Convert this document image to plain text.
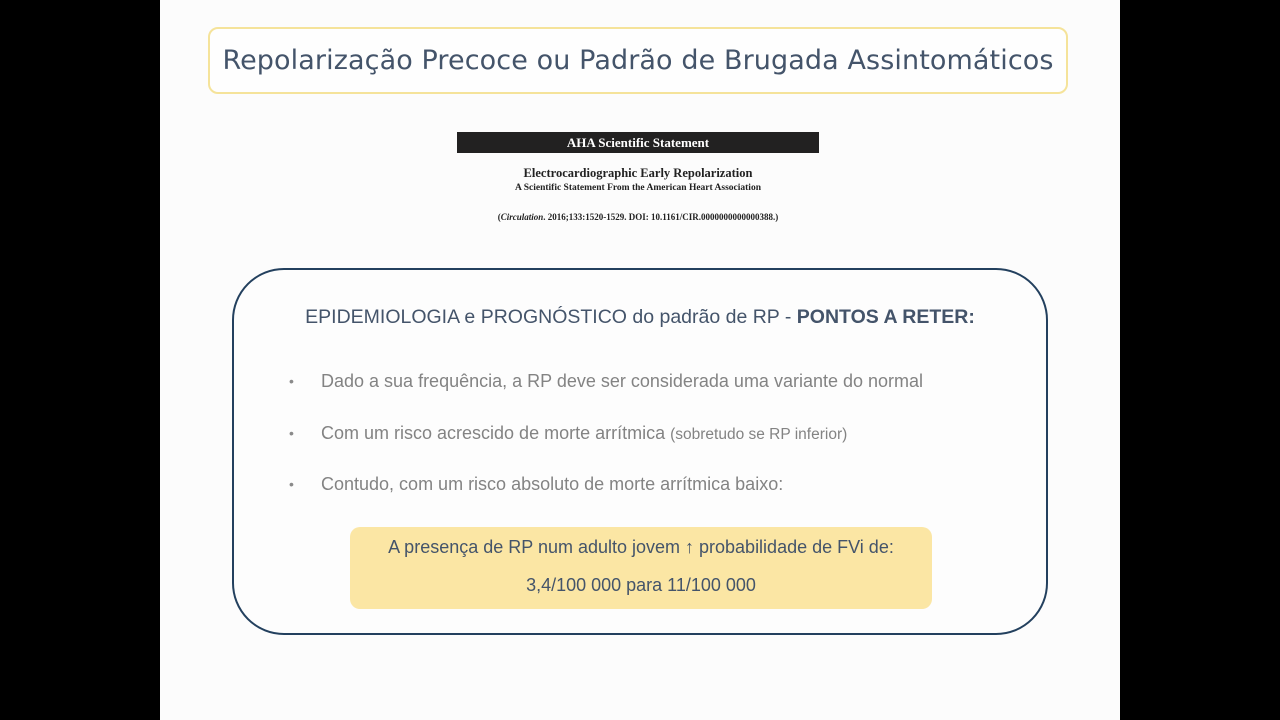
Repolarização Precoce ou Padrão de Brugada Assintomáticos
AHA Scientific Statement
Electrocardiographic Early Repolarization
A Scientific Statement From the American Heart Association
(Circulation. 2016;133:1520-1529. DOI: 10.1161/CIR.0000000000000388.)
EPIDEMIOLOGIA e PROGNÓSTICO do padrão de RP - PONTOS A RETER:
• Dado a sua frequência, a RP deve ser considerada uma variante do normal
• Com um risco acrescido de morte arrítmica (sobretudo se RP inferior)
• Contudo, com um risco absoluto de morte arrítmica baixo:
A presença de RP num adulto jovem ↑ probabilidade de FVi de:
3,4/100 000 para 11/100 000
